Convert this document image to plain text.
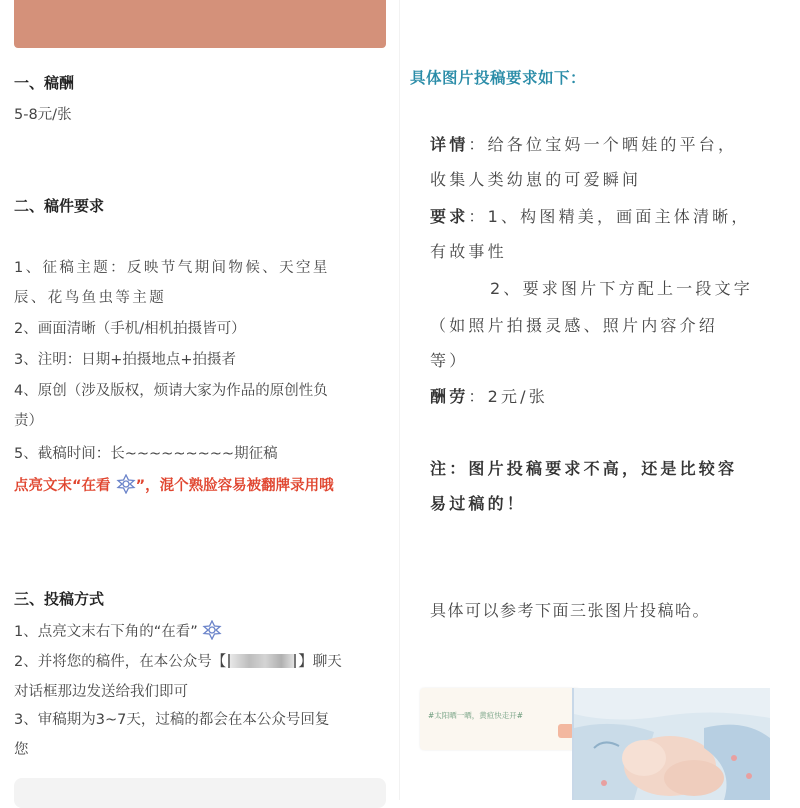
一、稿酬
5-8元/张
二、稿件要求
1、征稿主题：反映节气期间物候、天空星
辰、花鸟鱼虫等主题
2、画面清晰（手机/相机拍摄皆可）
3、注明：日期+拍摄地点+拍摄者
4、原创（涉及版权，烦请大家为作品的原创性负
责）
5、截稿时间：长~~~~~~~~~期征稿
点亮文末“在看 ”，混个熟脸容易被翻牌录用哦
三、投稿方式
1、点亮文末右下角的“在看”
2、并将您的稿件，在本公众号【	】聊天
对话框那边发送给我们即可
3、审稿期为3~7天，过稿的都会在本公众号回复
您
具体图片投稿要求如下：
详情：给各位宝妈一个晒娃的平台，
收集人类幼崽的可爱瞬间
要求：1、构图精美，画面主体清晰，
有故事性
2、要求图片下方配上一段文字
（如照片拍摄灵感、照片内容介绍
等）
酬劳：2元/张
注：图片投稿要求不高，还是比较容
易过稿的！
具体可以参考下面三张图片投稿哈。
#太阳晒一晒，黄疸快走开#
